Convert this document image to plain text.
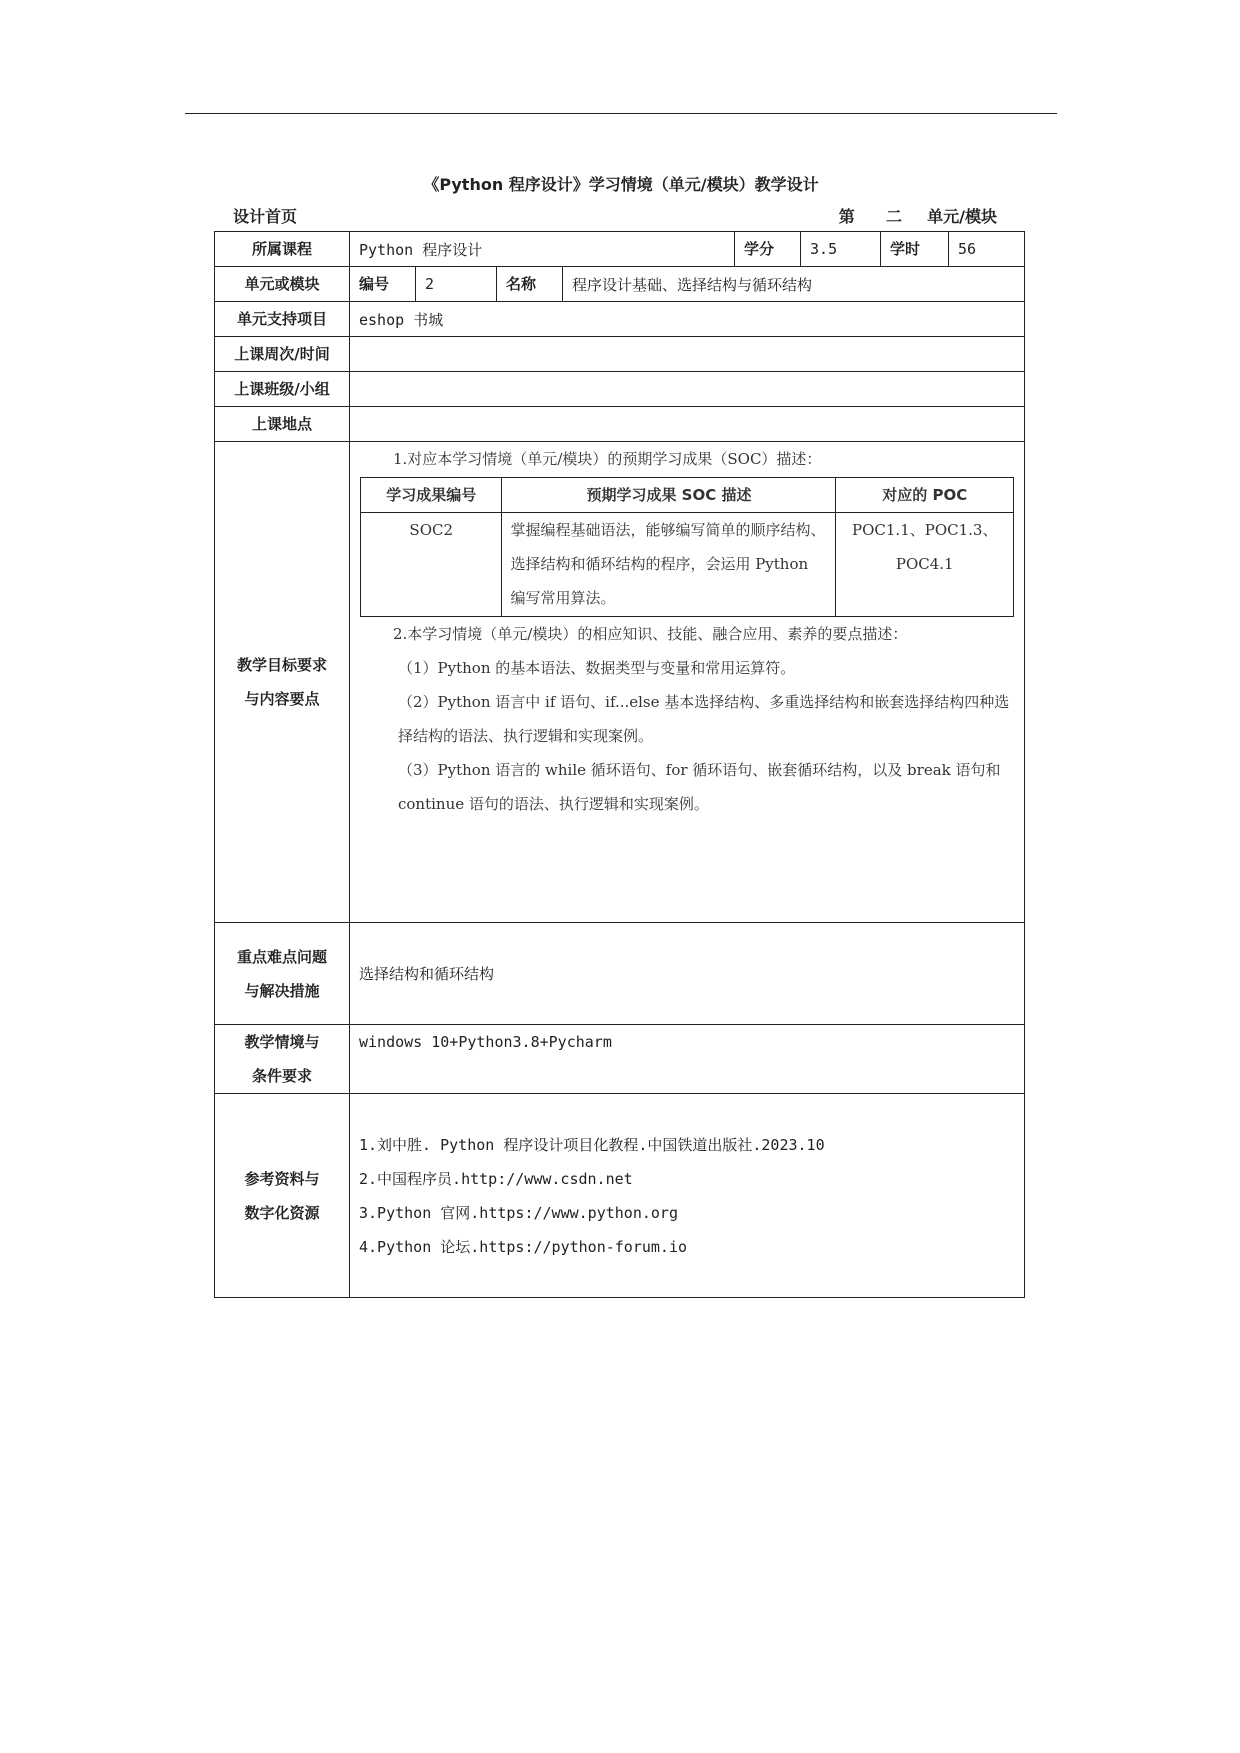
《Python 程序设计》学习情境（单元/模块）教学设计
设计首页	第 二 单元/模块
所属课程	Python 程序设计	学分	3.5	学时	56
单元或模块	编号	2	名称	程序设计基础、选择结构与循环结构
单元支持项目	eshop 书城
上课周次/时间	
上课班级/小组	
上课地点	

教学目标要求
与内容要点

1.对应本学习情境（单元/模块）的预期学习成果（SOC）描述：

学习成果编号	预期学习成果 SOC 描述	对应的 POC
SOC2	掌握编程基础语法，能够编写简单的顺序结构、选择结构和循环结构的程序，会运用 Python 编写常用算法。	POC1.1、POC1.3、POC4.1

2.本学习情境（单元/模块）的相应知识、技能、融合应用、素养的要点描述：

（1）Python 的基本语法、数据类型与变量和常用运算符。

（2）Python 语言中 if 语句、if...else 基本选择结构、多重选择结构和嵌套选择结构四种选择结构的语法、执行逻辑和实现案例。

（3）Python 语言的 while 循环语句、for 循环语句、嵌套循环结构，以及 break 语句和 continue 语句的语法、执行逻辑和实现案例。

重点难点问题
与解决措施
	选择结构和循环结构

教学情境与
条件要求
	windows 10+Python3.8+Pycharm

参考资料与
数字化资源

1.刘中胜. Python 程序设计项目化教程.中国铁道出版社.2023.10

2.中国程序员.http://www.csdn.net

3.Python 官网.https://www.python.org

4.Python 论坛.https://python-forum.io
